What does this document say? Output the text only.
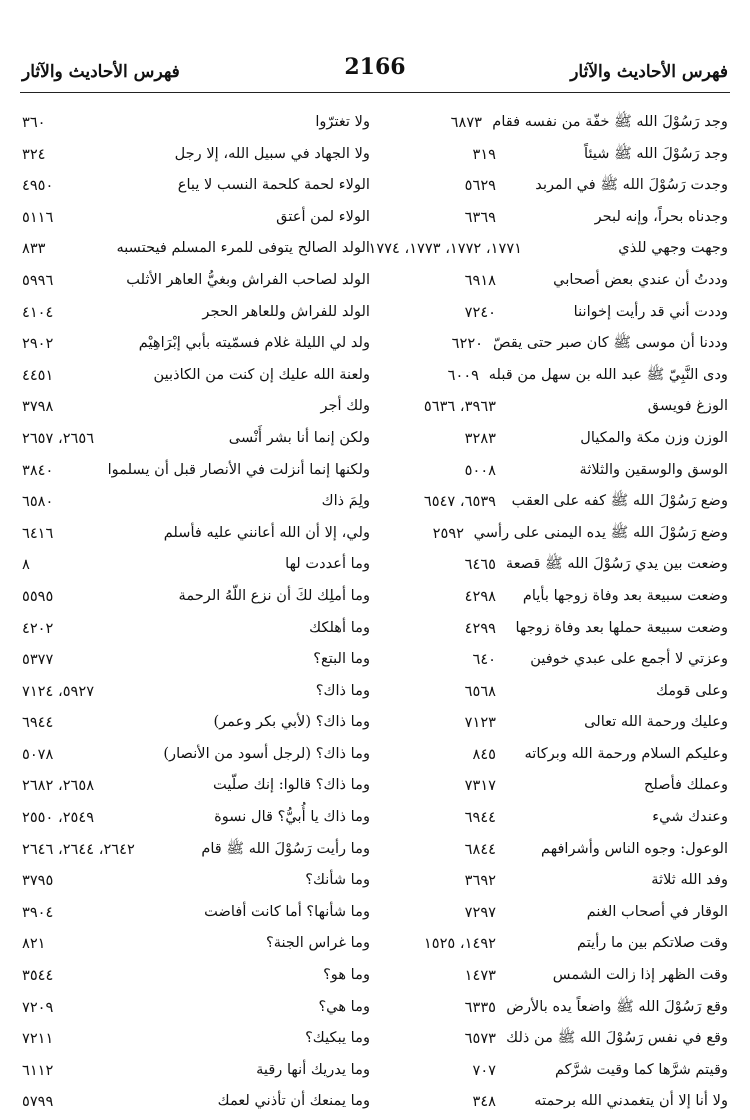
فهرس الأحاديث والآثار
2166
فهرس الأحاديث والآثار
وجد رَسُوْلَ الله ﷺ خفّة من نفسه فقام
٦٨٧٣
وجد رَسُوْلَ الله ﷺ شيئاً
٣١٩
وجدت رَسُوْلَ الله ﷺ في المربد
٥٦٢٩
وجدناه بحراً، وإنه لبحر
٦٣٦٩
وجهت وجهي للذي
١٧٧١، ١٧٧٢، ١٧٧٣، ١٧٧٤
وددتُ أن عندي بعض أصحابي
٦٩١٨
وددت أني قد رأيت إخواننا
٧٢٤٠
وددنا أن موسى ﷺ كان صبر حتى يقصّ
٦٢٢٠
ودى النَّبِيّ ﷺ عبد الله بن سهل من قبله
٦٠٠٩
الوزغ فويسق
٣٩٦٣، ٥٦٣٦
الوزن وزن مكة والمكيال
٣٢٨٣
الوسق والوسقين والثلاثة
٥٠٠٨
وضع رَسُوْلَ الله ﷺ كفه على العقب
٦٥٣٩، ٦٥٤٧
وضع رَسُوْلَ الله ﷺ يده اليمنى على رأسي
٢٥٩٢
وضعت بين يدي رَسُوْلَ الله ﷺ قصعة
٦٤٦٥
وضعت سبيعة بعد وفاة زوجها بأيام
٤٢٩٨
وضعت سبيعة حملها بعد وفاة زوجها
٤٢٩٩
وعزتي لا أجمع على عبدي خوفين
٦٤٠
وعلى قومك
٦٥٦٨
وعليك ورحمة الله تعالى
٧١٢٣
وعليكم السلام ورحمة الله وبركاته
٨٤٥
وعملك فأصلح
٧٣١٧
وعندك شيء
٦٩٤٤
الوعول: وجوه الناس وأشرافهم
٦٨٤٤
وفد الله ثلاثة
٣٦٩٢
الوقار في أصحاب الغنم
٧٢٩٧
وقت صلاتكم بين ما رأيتم
١٤٩٢، ١٥٢٥
وقت الظهر إذا زالت الشمس
١٤٧٣
وقع رَسُوْلَ الله ﷺ واضعاً يده بالأرض
٦٣٣٥
وقع في نفس رَسُوْلَ الله ﷺ من ذلك
٦٥٧٣
وقيتم شرَّها كما وقيت شرَّكم
٧٠٧
ولا أنا إلا أن يتغمدني الله برحمته
٣٤٨
ولا تغترّوا
٣٦٠
ولا الجهاد في سبيل الله، إلا رجل
٣٢٤
الولاء لحمة كلحمة النسب لا يباع
٤٩٥٠
الولاء لمن أعتق
٥١١٦
الولد الصالح يتوفى للمرء المسلم فيحتسبه
٨٣٣
الولد لصاحب الفراش وبغيُّ العاهر الأثلب
٥٩٩٦
الولد للفراش وللعاهر الحجر
٤١٠٤
ولد لي الليلة غلام فسمّيته بأبي إبْرَاهِيْم
٢٩٠٢
ولعنة الله عليك إن كنت من الكاذبين
٤٤٥١
ولك أجر
٣٧٩٨
ولكن إنما أنا بشر أَنْسى
٢٦٥٦، ٢٦٥٧
ولكنها إنما أنزلت في الأنصار قبل أن يسلموا
٣٨٤٠
ولِمَ ذاك
٦٥٨٠
ولي، إلا أن الله أعانني عليه فأسلم
٦٤١٦
وما أعددت لها
٨
وما أملِك لكَ أن نزع اللّهُ الرحمة
٥٥٩٥
وما أهلكك
٤٢٠٢
وما البتع؟
٥٣٧٧
وما ذاك؟
٥٩٢٧، ٧١٢٤
وما ذاك؟ (لأبي بكر وعمر)
٦٩٤٤
وما ذاك؟ (لرجل أسود من الأنصار)
٥٠٧٨
وما ذاك؟ قالوا: إنك صلّيت
٢٦٥٨، ٢٦٨٢
وما ذاك يا أُبيُّ؟ قال نسوة
٢٥٤٩، ٢٥٥٠
وما رأيت رَسُوْلَ الله ﷺ قام
٢٦٤٢، ٢٦٤٤، ٢٦٤٦
وما شأنك؟
٣٧٩٥
وما شأنها؟ أما كانت أفاضت
٣٩٠٤
وما غراس الجنة؟
٨٢١
وما هو؟
٣٥٤٤
وما هي؟
٧٢٠٩
وما يبكيك؟
٧٢١١
وما يدريك أنها رقية
٦١١٢
وما يمنعك أن تأذني لعمك
٥٧٩٩
